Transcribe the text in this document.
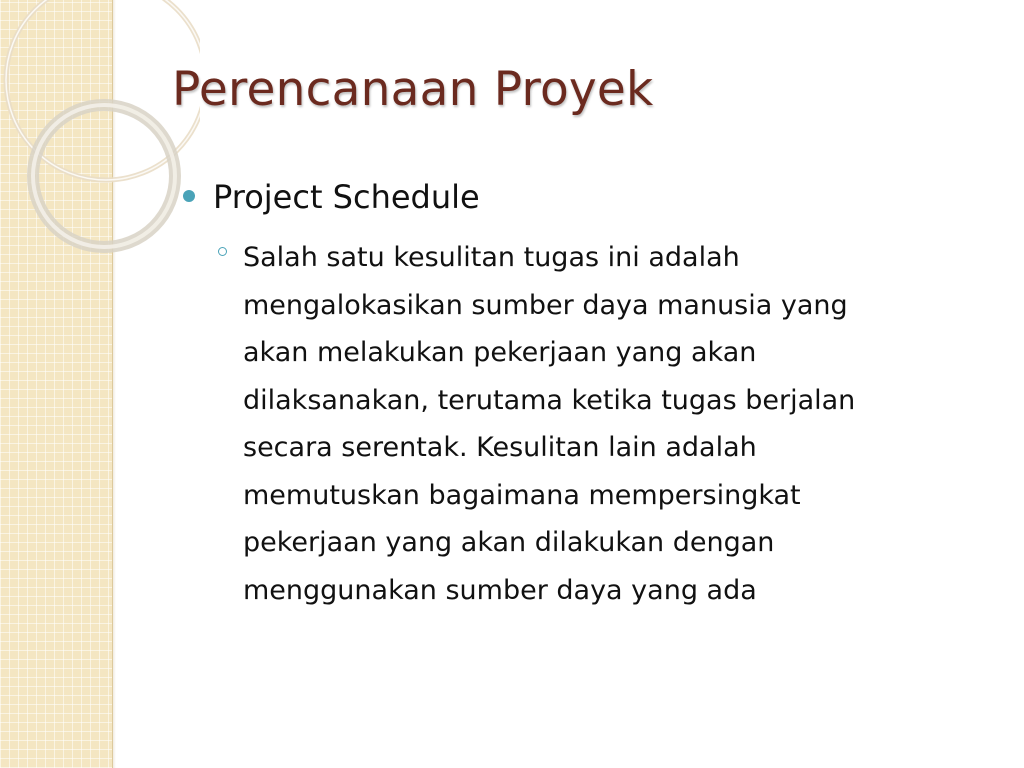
Perencanaan Proyek
Project Schedule
Salah satu kesulitan tugas ini adalah
mengalokasikan sumber daya manusia yang
akan melakukan pekerjaan yang akan
dilaksanakan, terutama ketika tugas berjalan
secara serentak. Kesulitan lain adalah
memutuskan bagaimana mempersingkat
pekerjaan yang akan dilakukan dengan
menggunakan sumber daya yang ada
